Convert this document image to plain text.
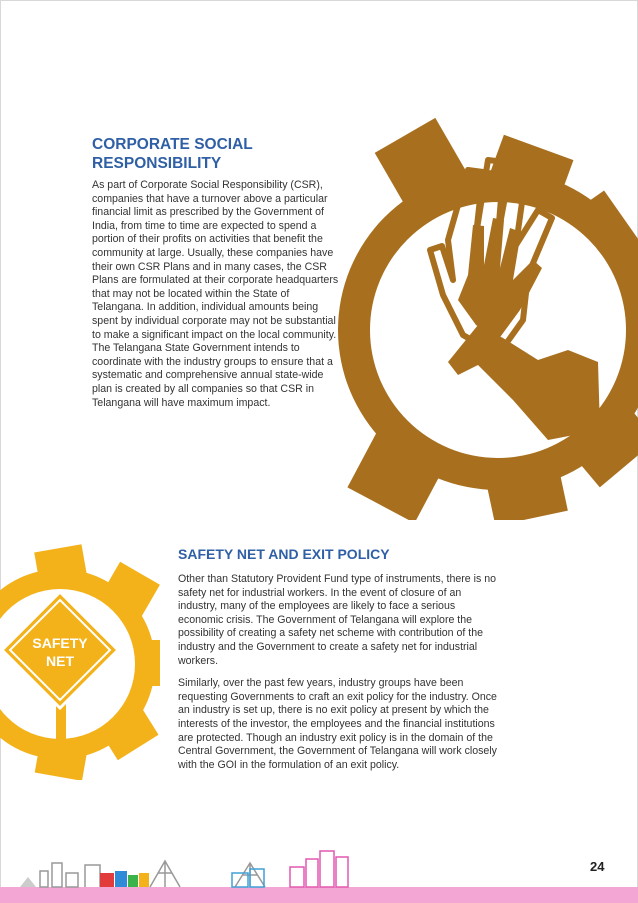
SAFETY
NET
CORPORATE SOCIAL
RESPONSIBILITY

As part of Corporate Social Responsibility (CSR), companies that have a turnover above a particular financial limit as prescribed by the Government of India, from time to time are expected to spend a portion of their profits on activities that benefit the community at large. Usually, these companies have their own CSR Plans and in many cases, the CSR Plans are formulated at their corporate headquarters that may not be located within the State of Telangana. In addition, individual amounts being spent by individual corporate may not be substantial to make a significant impact on the local community. The Telangana State Government intends to coordinate with the industry groups to ensure that a systematic and comprehensive annual state-wide plan is created by all companies so that CSR in Telangana will have maximum impact.

SAFETY NET AND EXIT POLICY

Other than Statutory Provident Fund type of instruments, there is no safety net for industrial workers. In the event of closure of an industry, many of the employees are likely to face a serious economic crisis. The Government of Telangana will explore the possibility of creating a safety net scheme with contribution of the industry and the Government to create a safety net for industrial workers.

Similarly, over the past few years, industry groups have been requesting Governments to craft an exit policy for the industry. Once an industry is set up, there is no exit policy at present by which the interests of the investor, the employees and the financial institutions are protected. Though an industry exit policy is in the domain of the Central Government, the Government of Telangana will work closely with the GOI in the formulation of an exit policy.

24
